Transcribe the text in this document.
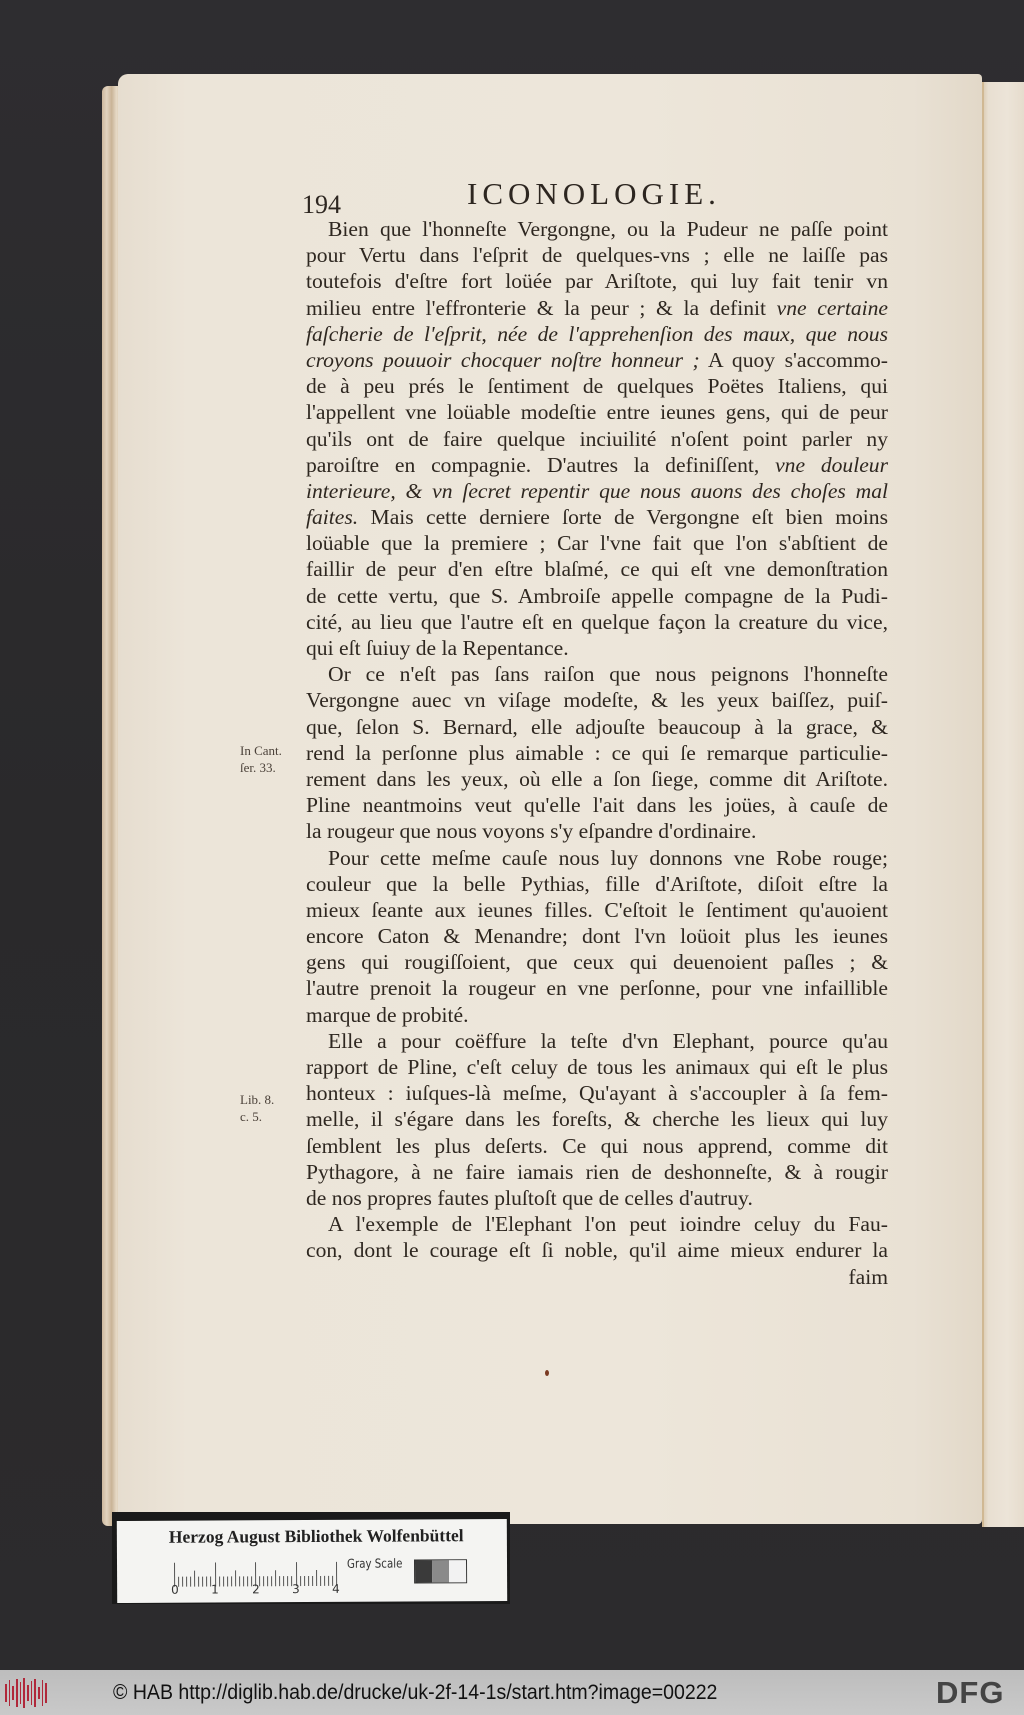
194	ICONOLOGIE.
Bien que l'honneſte Vergongne, ou la Pudeur ne paſſe point
pour Vertu dans l'eſprit de quelques-vns ; elle ne laiſſe pas
toutefois d'eſtre fort loüée par Ariſtote, qui luy fait tenir vn
milieu entre l'effronterie & la peur ; & la definit vne certaine
faſcherie de l'eſprit, née de l'apprehenſion des maux, que nous
croyons pouuoir chocquer noſtre honneur ; A quoy s'accommo-
de à peu prés le ſentiment de quelques Poëtes Italiens, qui
l'appellent vne loüable modeſtie entre ieunes gens, qui de peur
qu'ils ont de faire quelque inciuilité n'oſent point parler ny
paroiſtre en compagnie. D'autres la definiſſent, vne douleur
interieure, & vn ſecret repentir que nous auons des choſes mal
faites. Mais cette derniere ſorte de Vergongne eſt bien moins
loüable que la premiere ; Car l'vne fait que l'on s'abſtient de
faillir de peur d'en eſtre blaſmé, ce qui eſt vne demonſtration
de cette vertu, que S. Ambroiſe appelle compagne de la Pudi-
cité, au lieu que l'autre eſt en quelque façon la creature du vice,
qui eſt ſuiuy de la Repentance.
Or ce n'eſt pas ſans raiſon que nous peignons l'honneſte
Vergongne auec vn viſage modeſte, & les yeux baiſſez, puiſ-
que, ſelon S. Bernard, elle adjouſte beaucoup à la grace, &
rend la perſonne plus aimable : ce qui ſe remarque particulie-
rement dans les yeux, où elle a ſon ſiege, comme dit Ariſtote.
Pline neantmoins veut qu'elle l'ait dans les joües, à cauſe de
la rougeur que nous voyons s'y eſpandre d'ordinaire.
Pour cette meſme cauſe nous luy donnons vne Robe rouge;
couleur que la belle Pythias, fille d'Ariſtote, diſoit eſtre la
mieux ſeante aux ieunes filles. C'eſtoit le ſentiment qu'auoient
encore Caton & Menandre; dont l'vn loüoit plus les ieunes
gens qui rougiſſoient, que ceux qui deuenoient paſles ; &
l'autre prenoit la rougeur en vne perſonne, pour vne infaillible
marque de probité.
Elle a pour coëffure la teſte d'vn Elephant, pource qu'au
rapport de Pline, c'eſt celuy de tous les animaux qui eſt le plus
honteux : iuſques-là meſme, Qu'ayant à s'accoupler à ſa fem-
melle, il s'égare dans les foreſts, & cherche les lieux qui luy
ſemblent les plus deſerts. Ce qui nous apprend, comme dit
Pythagore, à ne faire iamais rien de deshonneſte, & à rougir
de nos propres fautes pluſtoſt que de celles d'autruy.
A l'exemple de l'Elephant l'on peut ioindre celuy du Fau-
con, dont le courage eſt ſi noble, qu'il aime mieux endurer la
faim
In Cant.
ſer. 33.
Lib. 8.
c. 5.
Herzog August Bibliothek Wolfenbüttel
0	1	2	3	4
Gray Scale
© HAB http://diglib.hab.de/drucke/uk-2f-14-1s/start.htm?image=00222	DFG
